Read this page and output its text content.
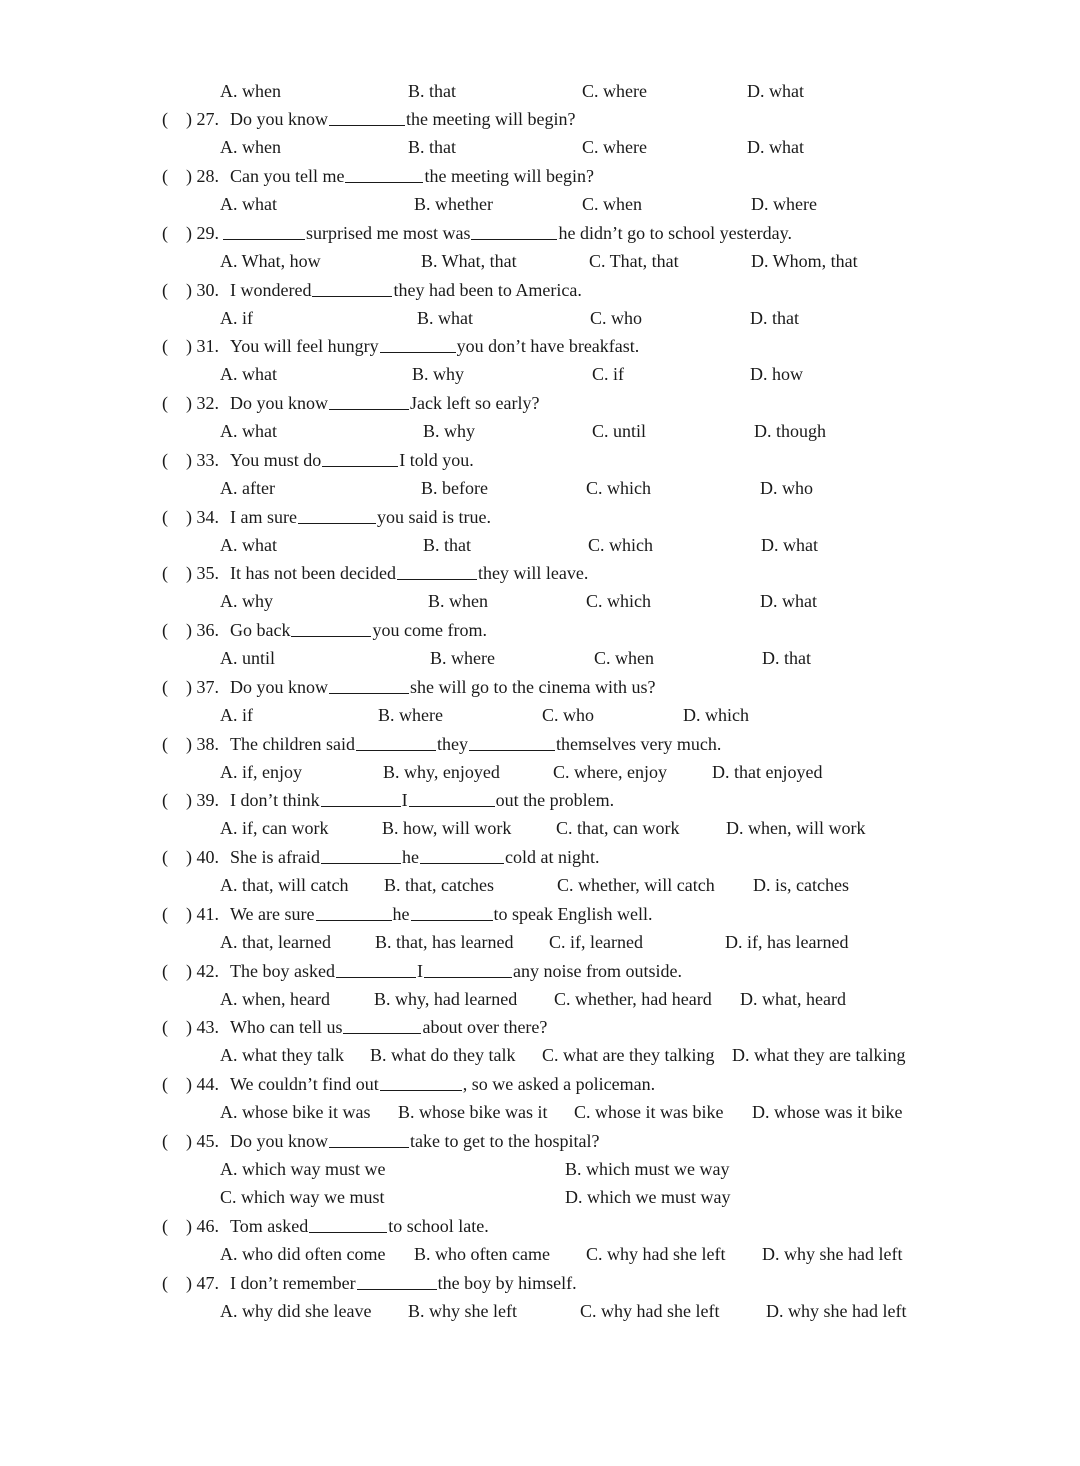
A. when	B. that	C. where	D. what
( ) 27. Do you know	the meeting will begin?
A. when	B. that	C. where	D. what
( ) 28. Can you tell me	the meeting will begin?
A. what	B. whether	C. when	D. where
( ) 29.	surprised me most was	he didn’t go to school yesterday.
A. What, how	B. What, that	C. That, that	D. Whom, that
( ) 30. I wondered	they had been to America.
A. if	B. what	C. who	D. that
( ) 31. You will feel hungry	you don’t have breakfast.
A. what	B. why	C. if	D. how
( ) 32. Do you know	Jack left so early?
A. what	B. why	C. until	D. though
( ) 33. You must do	I told you.
A. after	B. before	C. which	D. who
( ) 34. I am sure	you said is true.
A. what	B. that	C. which	D. what
( ) 35. It has not been decided	they will leave.
A. why	B. when	C. which	D. what
( ) 36. Go back	you come from.
A. until	B. where	C. when	D. that
( ) 37. Do you know	she will go to the cinema with us?
A. if	B. where	C. who	D. which
( ) 38. The children said	they	themselves very much.
A. if, enjoy	B. why, enjoyed	C. where, enjoy	D. that enjoyed
( ) 39. I don’t think	I	out the problem.
A. if, can work	B. how, will work C. that, can work	D. when, will work
( ) 40. She is afraid	he	cold at night.
A. that, will catch B. that, catches	C. whether, will catch D. is, catches
( ) 41. We are sure	he	to speak English well.
A. that, learned B. that, has learned C. if, learned	D. if, has learned
( ) 42. The boy asked	I	any noise from outside.
A. when, heard B. why, had learned C. whether, had heard D. what, heard
( ) 43. Who can tell us	about over there?
A. what they talk B. what do they talk C. what are they talking D. what they are talking
( ) 44. We couldn’t find out	, so we asked a policeman.
A. whose bike it was B. whose bike was it C. whose it was bike D. whose was it bike
( ) 45. Do you know	take to get to the hospital?
A. which way must we	B. which must we way
C. which way we must	D. which we must way
( ) 46. Tom asked	to school late.
A. who did often come B. who often came C. why had she left D. why she had left
( ) 47. I don’t remember	the boy by himself.
A. why did she leave B. why she left	C. why had she left	D. why she had left
